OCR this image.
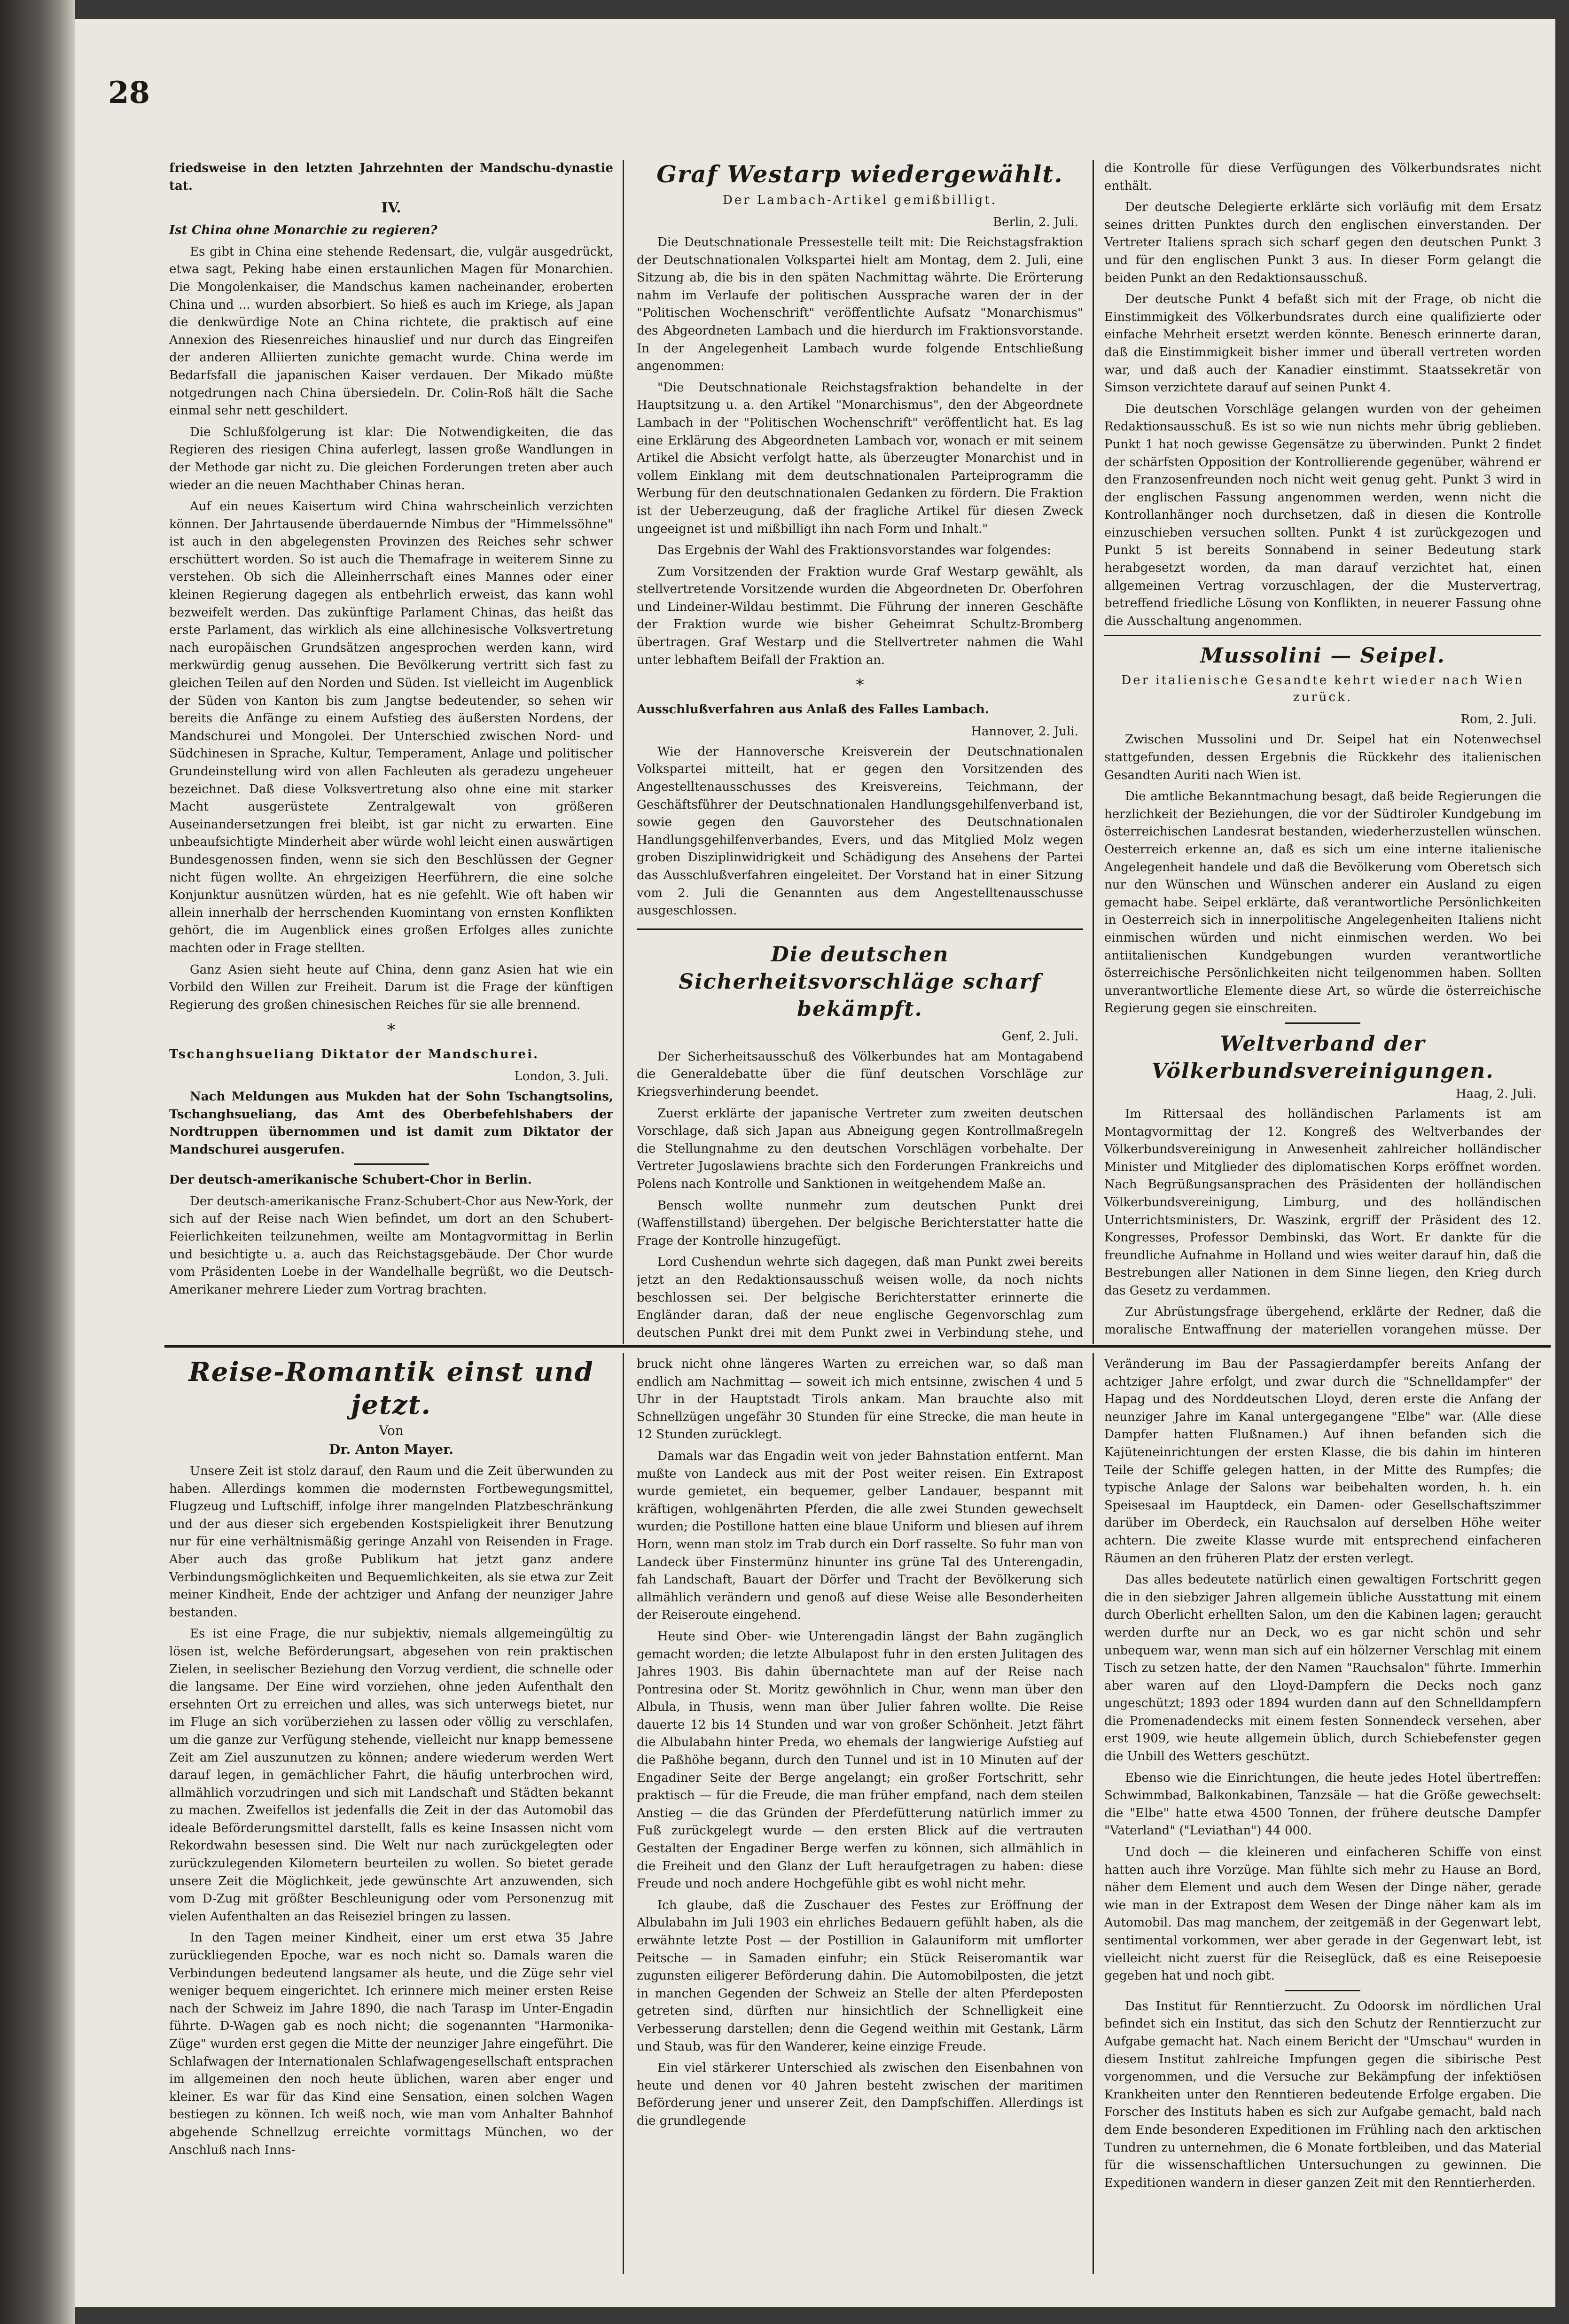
28

friedsweise in den letzten Jahrzehnten der Mandschu-dynastie tat.

IV.

Ist China ohne Monarchie zu regieren?

Es gibt in China eine stehende Redensart, die, vulgär ausgedrückt, etwa sagt, Peking habe einen erstaunlichen Magen für Monarchien. Die Mongolenkaiser, die Mandschus kamen nacheinander, eroberten China und ... wurden absorbiert. So hieß es auch im Kriege, als Japan die denkwürdige Note an China richtete, die praktisch auf eine Annexion des Riesenreiches hinauslief und nur durch das Eingreifen der anderen Alliierten zunichte gemacht wurde. China werde im Bedarfsfall die japanischen Kaiser verdauen. Der Mikado müßte notgedrungen nach China übersiedeln. Dr. Colin-Roß hält die Sache einmal sehr nett geschildert.

Die Schlußfolgerung ist klar: Die Notwendigkeiten, die das Regieren des riesigen China auferlegt, lassen große Wandlungen in der Methode gar nicht zu. Die gleichen Forderungen treten aber auch wieder an die neuen Machthaber Chinas heran.

Auf ein neues Kaisertum wird China wahrscheinlich verzichten können. Der Jahrtausende überdauernde Nimbus der "Himmelssöhne" ist auch in den abgelegensten Provinzen des Reiches sehr schwer erschüttert worden. So ist auch die Themafrage in weiterem Sinne zu verstehen. Ob sich die Alleinherrschaft eines Mannes oder einer kleinen Regierung dagegen als entbehrlich erweist, das kann wohl bezweifelt werden. Das zukünftige Parlament Chinas, das heißt das erste Parlament, das wirklich als eine allchinesische Volksvertretung nach europäischen Grundsätzen angesprochen werden kann, wird merkwürdig genug aussehen. Die Bevölkerung vertritt sich fast zu gleichen Teilen auf den Norden und Süden. Ist vielleicht im Augenblick der Süden von Kanton bis zum Jangtse bedeutender, so sehen wir bereits die Anfänge zu einem Aufstieg des äußersten Nordens, der Mandschurei und Mongolei. Der Unterschied zwischen Nord- und Südchinesen in Sprache, Kultur, Temperament, Anlage und politischer Grundeinstellung wird von allen Fachleuten als geradezu ungeheuer bezeichnet. Daß diese Volksvertretung also ohne eine mit starker Macht ausgerüstete Zentralgewalt von größeren Auseinandersetzungen frei bleibt, ist gar nicht zu erwarten. Eine unbeaufsichtigte Minderheit aber würde wohl leicht einen auswärtigen Bundesgenossen finden, wenn sie sich den Beschlüssen der Gegner nicht fügen wollte. An ehrgeizigen Heerführern, die eine solche Konjunktur ausnützen würden, hat es nie gefehlt. Wie oft haben wir allein innerhalb der herrschenden Kuomintang von ernsten Konflikten gehört, die im Augenblick eines großen Erfolges alles zunichte machten oder in Frage stellten.

Ganz Asien sieht heute auf China, denn ganz Asien hat wie ein Vorbild den Willen zur Freiheit. Darum ist die Frage der künftigen Regierung des großen chinesischen Reiches für sie alle brennend.

*

Tschanghsueliang Diktator der Mandschurei.

London, 3. Juli.

Nach Meldungen aus Mukden hat der Sohn Tschangtsolins, Tschanghsueliang, das Amt des Oberbefehlshabers der Nordtruppen übernommen und ist damit zum Diktator der Mandschurei ausgerufen.

Der deutsch-amerikanische Schubert-Chor in Berlin.

Der deutsch-amerikanische Franz-Schubert-Chor aus New-York, der sich auf der Reise nach Wien befindet, um dort an den Schubert-Feierlichkeiten teilzunehmen, weilte am Montagvormittag in Berlin und besichtigte u. a. auch das Reichstagsgebäude. Der Chor wurde vom Präsidenten Loebe in der Wandelhalle begrüßt, wo die Deutsch-Amerikaner mehrere Lieder zum Vortrag brachten.

Graf Westarp wiedergewählt.
Der Lambach-Artikel gemißbilligt.
Berlin, 2. Juli.

Die Deutschnationale Pressestelle teilt mit: Die Reichstagsfraktion der Deutschnationalen Volkspartei hielt am Montag, dem 2. Juli, eine Sitzung ab, die bis in den späten Nachmittag währte. Die Erörterung nahm im Verlaufe der politischen Aussprache waren der in der "Politischen Wochenschrift" veröffentlichte Aufsatz "Monarchismus" des Abgeordneten Lambach und die hierdurch im Fraktionsvorstande. In der Angelegenheit Lambach wurde folgende Entschließung angenommen:

"Die Deutschnationale Reichstagsfraktion behandelte in der Hauptsitzung u. a. den Artikel "Monarchismus", den der Abgeordnete Lambach in der "Politischen Wochenschrift" veröffentlicht hat. Es lag eine Erklärung des Abgeordneten Lambach vor, wonach er mit seinem Artikel die Absicht verfolgt hatte, als überzeugter Monarchist und in vollem Einklang mit dem deutschnationalen Parteiprogramm die Werbung für den deutschnationalen Gedanken zu fördern. Die Fraktion ist der Ueberzeugung, daß der fragliche Artikel für diesen Zweck ungeeignet ist und mißbilligt ihn nach Form und Inhalt."

Das Ergebnis der Wahl des Fraktionsvorstandes war folgendes:

Zum Vorsitzenden der Fraktion wurde Graf Westarp gewählt, als stellvertretende Vorsitzende wurden die Abgeordneten Dr. Oberfohren und Lindeiner-Wildau bestimmt. Die Führung der inneren Geschäfte der Fraktion wurde wie bisher Geheimrat Schultz-Bromberg übertragen. Graf Westarp und die Stellvertreter nahmen die Wahl unter lebhaftem Beifall der Fraktion an.

*

Ausschlußverfahren aus Anlaß des Falles Lambach.

Hannover, 2. Juli.

Wie der Hannoversche Kreisverein der Deutschnationalen Volkspartei mitteilt, hat er gegen den Vorsitzenden des Angestelltenausschusses des Kreisvereins, Teichmann, der Geschäftsführer der Deutschnationalen Handlungsgehilfenverband ist, sowie gegen den Gauvorsteher des Deutschnationalen Handlungsgehilfenverbandes, Evers, und das Mitglied Molz wegen groben Disziplinwidrigkeit und Schädigung des Ansehens der Partei das Ausschlußverfahren eingeleitet. Der Vorstand hat in einer Sitzung vom 2. Juli die Genannten aus dem Angestelltenausschusse ausgeschlossen.

Die deutschen Sicherheitsvorschläge scharf bekämpft.
Genf, 2. Juli.

Der Sicherheitsausschuß des Völkerbundes hat am Montagabend die Generaldebatte über die fünf deutschen Vorschläge zur Kriegsverhinderung beendet.

Zuerst erklärte der japanische Vertreter zum zweiten deutschen Vorschlage, daß sich Japan aus Abneigung gegen Kontrollmaßregeln die Stellungnahme zu den deutschen Vorschlägen vorbehalte. Der Vertreter Jugoslawiens brachte sich den Forderungen Frankreichs und Polens nach Kontrolle und Sanktionen in weitgehendem Maße an.

Bensch wollte nunmehr zum deutschen Punkt drei (Waffenstillstand) übergehen. Der belgische Berichterstatter hatte die Frage der Kontrolle hinzugefügt.

Lord Cushendun wehrte sich dagegen, daß man Punkt zwei bereits jetzt an den Redaktionsausschuß weisen wolle, da noch nichts beschlossen sei. Der belgische Berichterstatter erinnerte die Engländer daran, daß der neue englische Gegenvorschlag zum deutschen Punkt drei mit dem Punkt zwei in Verbindung stehe, und

die Kontrolle für diese Verfügungen des Völkerbundsrates nicht enthält.

Der deutsche Delegierte erklärte sich vorläufig mit dem Ersatz seines dritten Punktes durch den englischen einverstanden. Der Vertreter Italiens sprach sich scharf gegen den deutschen Punkt 3 und für den englischen Punkt 3 aus. In dieser Form gelangt die beiden Punkt an den Redaktionsausschuß.

Der deutsche Punkt 4 befaßt sich mit der Frage, ob nicht die Einstimmigkeit des Völkerbundsrates durch eine qualifizierte oder einfache Mehrheit ersetzt werden könnte. Benesch erinnerte daran, daß die Einstimmigkeit bisher immer und überall vertreten worden war, und daß auch der Kanadier einstimmt. Staatssekretär von Simson verzichtete darauf auf seinen Punkt 4.

Die deutschen Vorschläge gelangen wurden von der geheimen Redaktionsausschuß. Es ist so wie nun nichts mehr übrig geblieben. Punkt 1 hat noch gewisse Gegensätze zu überwinden. Punkt 2 findet der schärfsten Opposition der Kontrollierende gegenüber, während er den Franzosenfreunden noch nicht weit genug geht. Punkt 3 wird in der englischen Fassung angenommen werden, wenn nicht die Kontrollanhänger noch durchsetzen, daß in diesen die Kontrolle einzuschieben versuchen sollten. Punkt 4 ist zurückgezogen und Punkt 5 ist bereits Sonnabend in seiner Bedeutung stark herabgesetzt worden, da man darauf verzichtet hat, einen allgemeinen Vertrag vorzuschlagen, der die Mustervertrag, betreffend friedliche Lösung von Konflikten, in neuerer Fassung ohne die Ausschaltung angenommen.

Mussolini — Seipel.
Der italienische Gesandte kehrt wieder nach Wien zurück.
Rom, 2. Juli.

Zwischen Mussolini und Dr. Seipel hat ein Notenwechsel stattgefunden, dessen Ergebnis die Rückkehr des italienischen Gesandten Auriti nach Wien ist.

Die amtliche Bekanntmachung besagt, daß beide Regierungen die herzlichkeit der Beziehungen, die vor der Südtiroler Kundgebung im österreichischen Landesrat bestanden, wiederherzustellen wünschen. Oesterreich erkenne an, daß es sich um eine interne italienische Angelegenheit handele und daß die Bevölkerung vom Oberetsch sich nur den Wünschen und Wünschen anderer ein Ausland zu eigen gemacht habe. Seipel erklärte, daß verantwortliche Persönlichkeiten in Oesterreich sich in innerpolitische Angelegenheiten Italiens nicht einmischen würden und nicht einmischen werden. Wo bei antiitalienischen Kundgebungen wurden verantwortliche österreichische Persönlichkeiten nicht teilgenommen haben. Sollten unverantwortliche Elemente diese Art, so würde die österreichische Regierung gegen sie einschreiten.

Weltverband der Völkerbundsvereinigungen.
Haag, 2. Juli.

Im Rittersaal des holländischen Parlaments ist am Montagvormittag der 12. Kongreß des Weltverbandes der Völkerbundsvereinigung in Anwesenheit zahlreicher holländischer Minister und Mitglieder des diplomatischen Korps eröffnet worden. Nach Begrüßungsansprachen des Präsidenten der holländischen Völkerbundsvereinigung, Limburg, und des holländischen Unterrichtsministers, Dr. Waszink, ergriff der Präsident des 12. Kongresses, Professor Dembinski, das Wort. Er dankte für die freundliche Aufnahme in Holland und wies weiter darauf hin, daß die Bestrebungen aller Nationen in dem Sinne liegen, den Krieg durch das Gesetz zu verdammen.

Zur Abrüstungsfrage übergehend, erklärte der Redner, daß die moralische Entwaffnung der materiellen vorangehen müsse. Der

Reise-Romantik einst und jetzt.
Von
Dr. Anton Mayer.

Unsere Zeit ist stolz darauf, den Raum und die Zeit überwunden zu haben. Allerdings kommen die modernsten Fortbewegungsmittel, Flugzeug und Luftschiff, infolge ihrer mangelnden Platzbeschränkung und der aus dieser sich ergebenden Kostspieligkeit ihrer Benutzung nur für eine verhältnismäßig geringe Anzahl von Reisenden in Frage. Aber auch das große Publikum hat jetzt ganz andere Verbindungsmöglichkeiten und Bequemlichkeiten, als sie etwa zur Zeit meiner Kindheit, Ende der achtziger und Anfang der neunziger Jahre bestanden.

Es ist eine Frage, die nur subjektiv, niemals allgemeingültig zu lösen ist, welche Beförderungsart, abgesehen von rein praktischen Zielen, in seelischer Beziehung den Vorzug verdient, die schnelle oder die langsame. Der Eine wird vorziehen, ohne jeden Aufenthalt den ersehnten Ort zu erreichen und alles, was sich unterwegs bietet, nur im Fluge an sich vorüberziehen zu lassen oder völlig zu verschlafen, um die ganze zur Verfügung stehende, vielleicht nur knapp bemessene Zeit am Ziel auszunutzen zu können; andere wiederum werden Wert darauf legen, in gemächlicher Fahrt, die häufig unterbrochen wird, allmählich vorzudringen und sich mit Landschaft und Städten bekannt zu machen. Zweifellos ist jedenfalls die Zeit in der das Automobil das ideale Beförderungsmittel darstellt, falls es keine Insassen nicht vom Rekordwahn besessen sind. Die Welt nur nach zurückgelegten oder zurückzulegenden Kilometern beurteilen zu wollen. So bietet gerade unsere Zeit die Möglichkeit, jede gewünschte Art anzuwenden, sich vom D-Zug mit größter Beschleunigung oder vom Personenzug mit vielen Aufenthalten an das Reiseziel bringen zu lassen.

In den Tagen meiner Kindheit, einer um erst etwa 35 Jahre zurückliegenden Epoche, war es noch nicht so. Damals waren die Verbindungen bedeutend langsamer als heute, und die Züge sehr viel weniger bequem eingerichtet. Ich erinnere mich meiner ersten Reise nach der Schweiz im Jahre 1890, die nach Tarasp im Unter-Engadin führte. D-Wagen gab es noch nicht; die sogenannten "Harmonika-Züge" wurden erst gegen die Mitte der neunziger Jahre eingeführt. Die Schlafwagen der Internationalen Schlafwagengesellschaft entsprachen im allgemeinen den noch heute üblichen, waren aber enger und kleiner. Es war für das Kind eine Sensation, einen solchen Wagen bestiegen zu können. Ich weiß noch, wie man vom Anhalter Bahnhof abgehende Schnellzug erreichte vormittags München, wo der Anschluß nach Inns-

bruck nicht ohne längeres Warten zu erreichen war, so daß man endlich am Nachmittag — soweit ich mich entsinne, zwischen 4 und 5 Uhr in der Hauptstadt Tirols ankam. Man brauchte also mit Schnellzügen ungefähr 30 Stunden für eine Strecke, die man heute in 12 Stunden zurücklegt.

Damals war das Engadin weit von jeder Bahnstation entfernt. Man mußte von Landeck aus mit der Post weiter reisen. Ein Extrapost wurde gemietet, ein bequemer, gelber Landauer, bespannt mit kräftigen, wohlgenährten Pferden, die alle zwei Stunden gewechselt wurden; die Postillone hatten eine blaue Uniform und bliesen auf ihrem Horn, wenn man stolz im Trab durch ein Dorf rasselte. So fuhr man von Landeck über Finstermünz hinunter ins grüne Tal des Unterengadin, fah Landschaft, Bauart der Dörfer und Tracht der Bevölkerung sich allmählich verändern und genoß auf diese Weise alle Besonderheiten der Reiseroute eingehend.

Heute sind Ober- wie Unterengadin längst der Bahn zugänglich gemacht worden; die letzte Albulapost fuhr in den ersten Julitagen des Jahres 1903. Bis dahin übernachtete man auf der Reise nach Pontresina oder St. Moritz gewöhnlich in Chur, wenn man über den Albula, in Thusis, wenn man über Julier fahren wollte. Die Reise dauerte 12 bis 14 Stunden und war von großer Schönheit. Jetzt fährt die Albulabahn hinter Preda, wo ehemals der langwierige Aufstieg auf die Paßhöhe begann, durch den Tunnel und ist in 10 Minuten auf der Engadiner Seite der Berge angelangt; ein großer Fortschritt, sehr praktisch — für die Freude, die man früher empfand, nach dem steilen Anstieg — die das Gründen der Pferdefütterung natürlich immer zu Fuß zurückgelegt wurde — den ersten Blick auf die vertrauten Gestalten der Engadiner Berge werfen zu können, sich allmählich in die Freiheit und den Glanz der Luft heraufgetragen zu haben: diese Freude und noch andere Hochgefühle gibt es wohl nicht mehr.

Ich glaube, daß die Zuschauer des Festes zur Eröffnung der Albulabahn im Juli 1903 ein ehrliches Bedauern gefühlt haben, als die erwähnte letzte Post — der Postillion in Galauniform mit umflorter Peitsche — in Samaden einfuhr; ein Stück Reiseromantik war zugunsten eiligerer Beförderung dahin. Die Automobilposten, die jetzt in manchen Gegenden der Schweiz an Stelle der alten Pferdeposten getreten sind, dürften nur hinsichtlich der Schnelligkeit eine Verbesserung darstellen; denn die Gegend weithin mit Gestank, Lärm und Staub, was für den Wanderer, keine einzige Freude.

Ein viel stärkerer Unterschied als zwischen den Eisenbahnen von heute und denen vor 40 Jahren besteht zwischen der maritimen Beförderung jener und unserer Zeit, den Dampfschiffen. Allerdings ist die grundlegende

Veränderung im Bau der Passagierdampfer bereits Anfang der achtziger Jahre erfolgt, und zwar durch die "Schnelldampfer" der Hapag und des Norddeutschen Lloyd, deren erste die Anfang der neunziger Jahre im Kanal untergegangene "Elbe" war. (Alle diese Dampfer hatten Flußnamen.) Auf ihnen befanden sich die Kajüteneinrichtungen der ersten Klasse, die bis dahin im hinteren Teile der Schiffe gelegen hatten, in der Mitte des Rumpfes; die typische Anlage der Salons war beibehalten worden, h. h. ein Speisesaal im Hauptdeck, ein Damen- oder Gesellschaftszimmer darüber im Oberdeck, ein Rauchsalon auf derselben Höhe weiter achtern. Die zweite Klasse wurde mit entsprechend einfacheren Räumen an den früheren Platz der ersten verlegt.

Das alles bedeutete natürlich einen gewaltigen Fortschritt gegen die in den siebziger Jahren allgemein übliche Ausstattung mit einem durch Oberlicht erhellten Salon, um den die Kabinen lagen; geraucht werden durfte nur an Deck, wo es gar nicht schön und sehr unbequem war, wenn man sich auf ein hölzerner Verschlag mit einem Tisch zu setzen hatte, der den Namen "Rauchsalon" führte. Immerhin aber waren auf den Lloyd-Dampfern die Decks noch ganz ungeschützt; 1893 oder 1894 wurden dann auf den Schnelldampfern die Promenadendecks mit einem festen Sonnendeck versehen, aber erst 1909, wie heute allgemein üblich, durch Schiebefenster gegen die Unbill des Wetters geschützt.

Ebenso wie die Einrichtungen, die heute jedes Hotel übertreffen: Schwimmbad, Balkonkabinen, Tanzsäle — hat die Größe gewechselt: die "Elbe" hatte etwa 4500 Tonnen, der frühere deutsche Dampfer "Vaterland" ("Leviathan") 44 000.

Und doch — die kleineren und einfacheren Schiffe von einst hatten auch ihre Vorzüge. Man fühlte sich mehr zu Hause an Bord, näher dem Element und auch dem Wesen der Dinge näher, gerade wie man in der Extrapost dem Wesen der Dinge näher kam als im Automobil. Das mag manchem, der zeitgemäß in der Gegenwart lebt, sentimental vorkommen, wer aber gerade in der Gegenwart lebt, ist vielleicht nicht zuerst für die Reiseglück, daß es eine Reisepoesie gegeben hat und noch gibt.

Das Institut für Renntierzucht. Zu Odoorsk im nördlichen Ural befindet sich ein Institut, das sich den Schutz der Renntierzucht zur Aufgabe gemacht hat. Nach einem Bericht der "Umschau" wurden in diesem Institut zahlreiche Impfungen gegen die sibirische Pest vorgenommen, und die Versuche zur Bekämpfung der infektiösen Krankheiten unter den Renntieren bedeutende Erfolge ergaben. Die Forscher des Instituts haben es sich zur Aufgabe gemacht, bald nach dem Ende besonderen Expeditionen im Frühling nach den arktischen Tundren zu unternehmen, die 6 Monate fortbleiben, und das Material für die wissenschaftlichen Untersuchungen zu gewinnen. Die Expeditionen wandern in dieser ganzen Zeit mit den Renntierherden.
